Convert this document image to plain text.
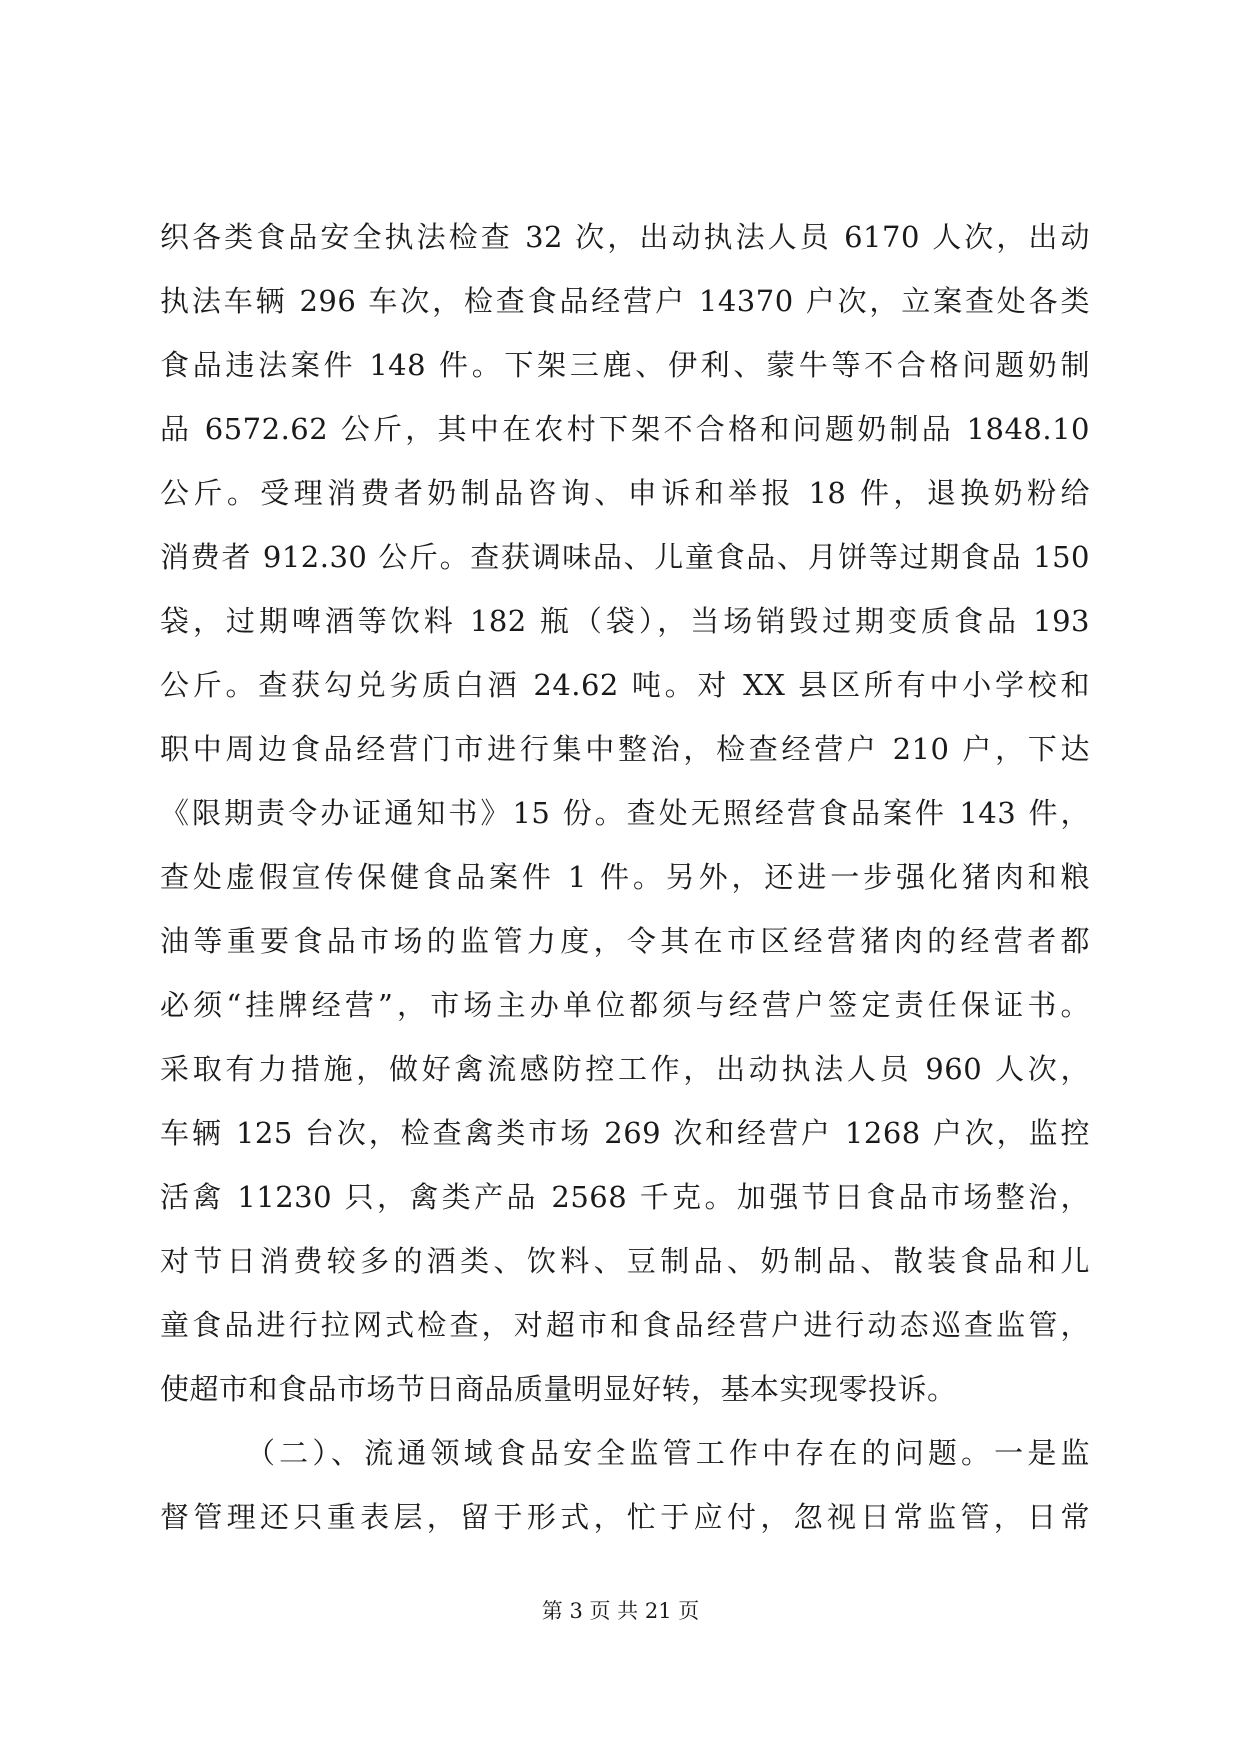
织各类食品安全执法检查 32 次，出动执法人员 6170 人次，出动
执法车辆 296 车次，检查食品经营户 14370 户次，立案查处各类
食品违法案件 148 件。下架三鹿、伊利、蒙牛等不合格问题奶制
品 6572.62 公斤，其中在农村下架不合格和问题奶制品 1848.10
公斤。受理消费者奶制品咨询、申诉和举报 18 件，退换奶粉给
消费者 912.30 公斤。查获调味品、儿童食品、月饼等过期食品 150
袋，过期啤酒等饮料 182 瓶（袋），当场销毁过期变质食品 193
公斤。查获勾兑劣质白酒 24.62 吨。对 XX 县区所有中小学校和
职中周边食品经营门市进行集中整治，检查经营户 210 户，下达
《限期责令办证通知书》15 份。查处无照经营食品案件 143 件，
查处虚假宣传保健食品案件 1 件。另外，还进一步强化猪肉和粮
油等重要食品市场的监管力度，令其在市区经营猪肉的经营者都
必须“挂牌经营”，市场主办单位都须与经营户签定责任保证书。
采取有力措施，做好禽流感防控工作，出动执法人员 960 人次，
车辆 125 台次，检查禽类市场 269 次和经营户 1268 户次，监控
活禽 11230 只，禽类产品 2568 千克。加强节日食品市场整治，
对节日消费较多的酒类、饮料、豆制品、奶制品、散装食品和儿
童食品进行拉网式检查，对超市和食品经营户进行动态巡查监管，
使超市和食品市场节日商品质量明显好转，基本实现零投诉。
（二）、流通领域食品安全监管工作中存在的问题。一是监
督管理还只重表层，留于形式，忙于应付，忽视日常监管，日常
第 3 页 共 21 页
